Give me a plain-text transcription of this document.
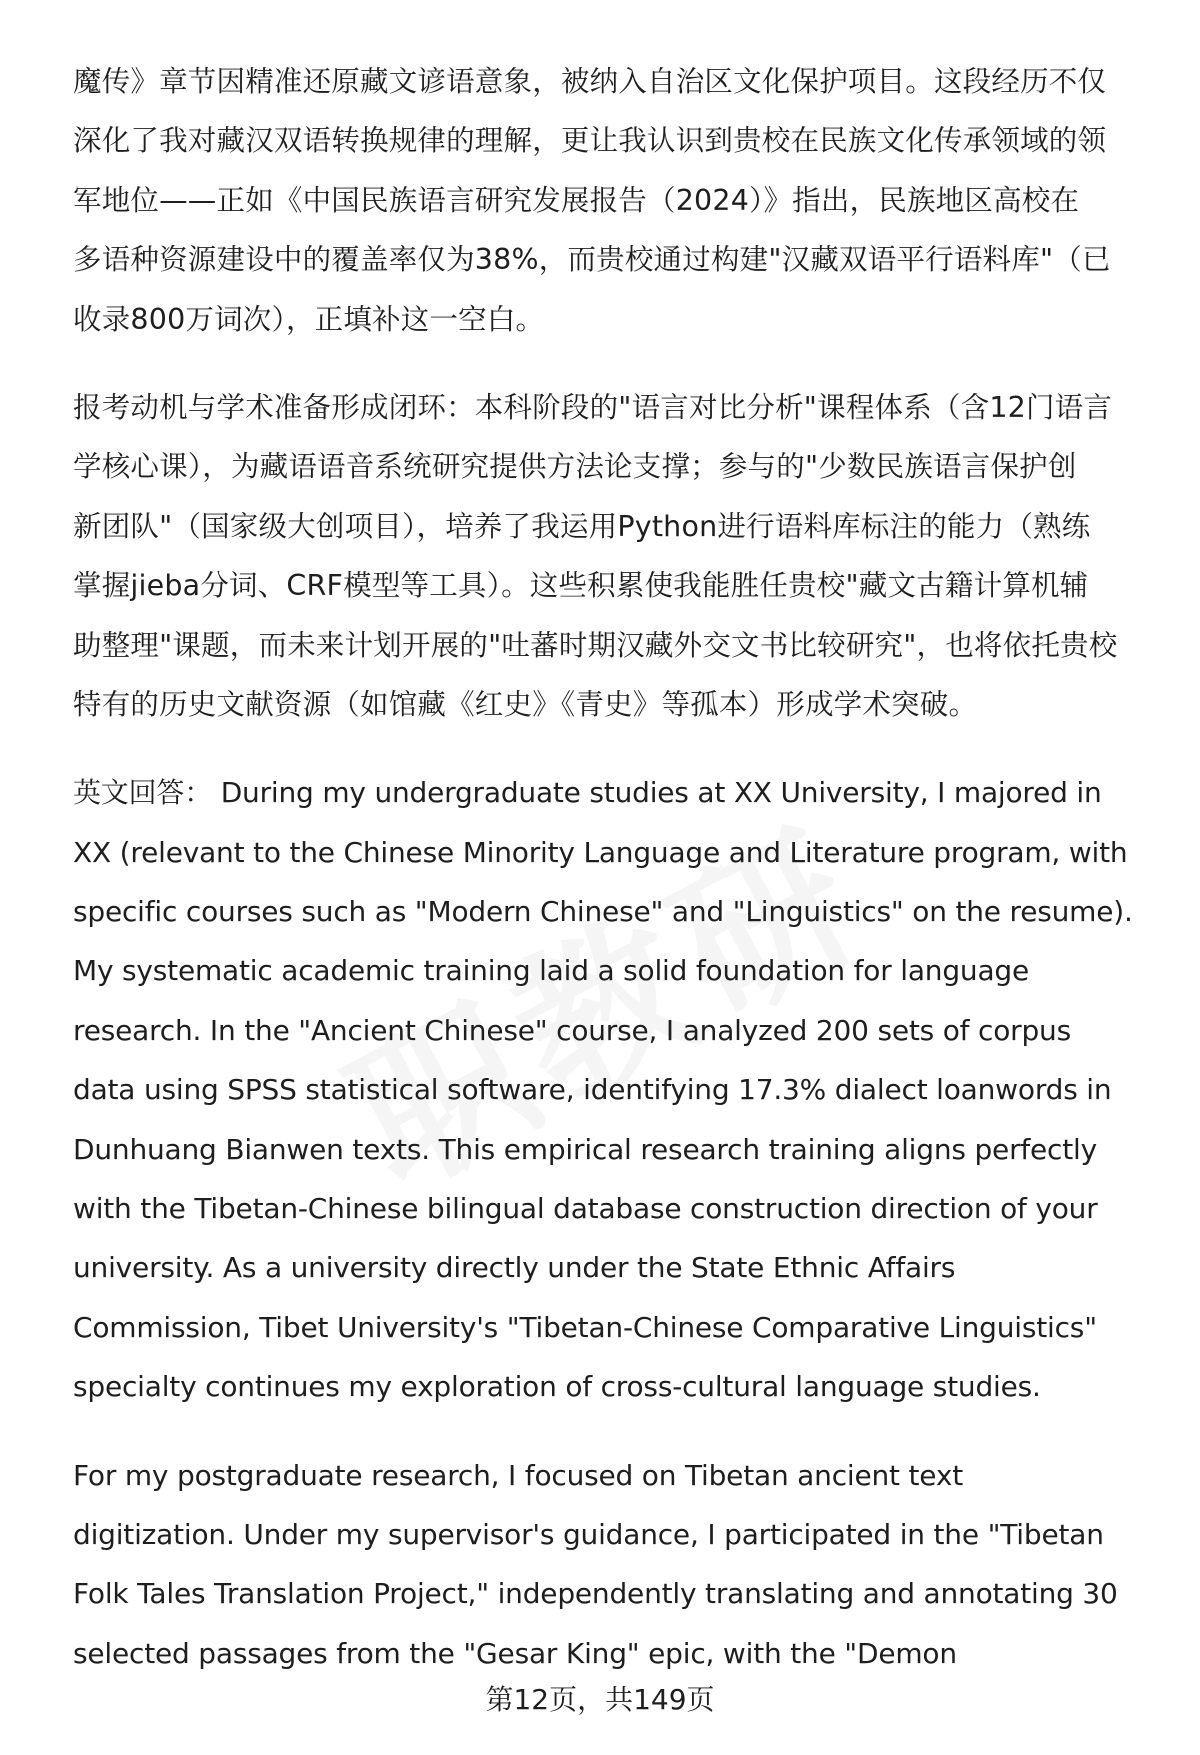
魔传》章节因精准还原藏文谚语意象，被纳入自治区文化保护项目。这段经历不仅
深化了我对藏汉双语转换规律的理解，更让我认识到贵校在民族文化传承领域的领
军地位——正如《中国民族语言研究发展报告（2024）》指出，民族地区高校在
多语种资源建设中的覆盖率仅为38%，而贵校通过构建"汉藏双语平行语料库"（已
收录800万词次），正填补这一空白。

报考动机与学术准备形成闭环：本科阶段的"语言对比分析"课程体系（含12门语言
学核心课），为藏语语音系统研究提供方法论支撑；参与的"少数民族语言保护创
新团队"（国家级大创项目），培养了我运用Python进行语料库标注的能力（熟练
掌握jieba分词、CRF模型等工具）。这些积累使我能胜任贵校"藏文古籍计算机辅
助整理"课题，而未来计划开展的"吐蕃时期汉藏外交文书比较研究"，也将依托贵校
特有的历史文献资源（如馆藏《红史》《青史》等孤本）形成学术突破。

英文回答： During my undergraduate studies at XX University, I majored in
XX (relevant to the Chinese Minority Language and Literature program, with
specific courses such as "Modern Chinese" and "Linguistics" on the resume).
My systematic academic training laid a solid foundation for language
research. In the "Ancient Chinese" course, I analyzed 200 sets of corpus
data using SPSS statistical software, identifying 17.3% dialect loanwords in
Dunhuang Bianwen texts. This empirical research training aligns perfectly
with the Tibetan-Chinese bilingual database construction direction of your
university. As a university directly under the State Ethnic Affairs
Commission, Tibet University's "Tibetan-Chinese Comparative Linguistics"
specialty continues my exploration of cross-cultural language studies.

For my postgraduate research, I focused on Tibetan ancient text
digitization. Under my supervisor's guidance, I participated in the "Tibetan
Folk Tales Translation Project," independently translating and annotating 30
selected passages from the "Gesar King" epic, with the "Demon

第12页，共149页
